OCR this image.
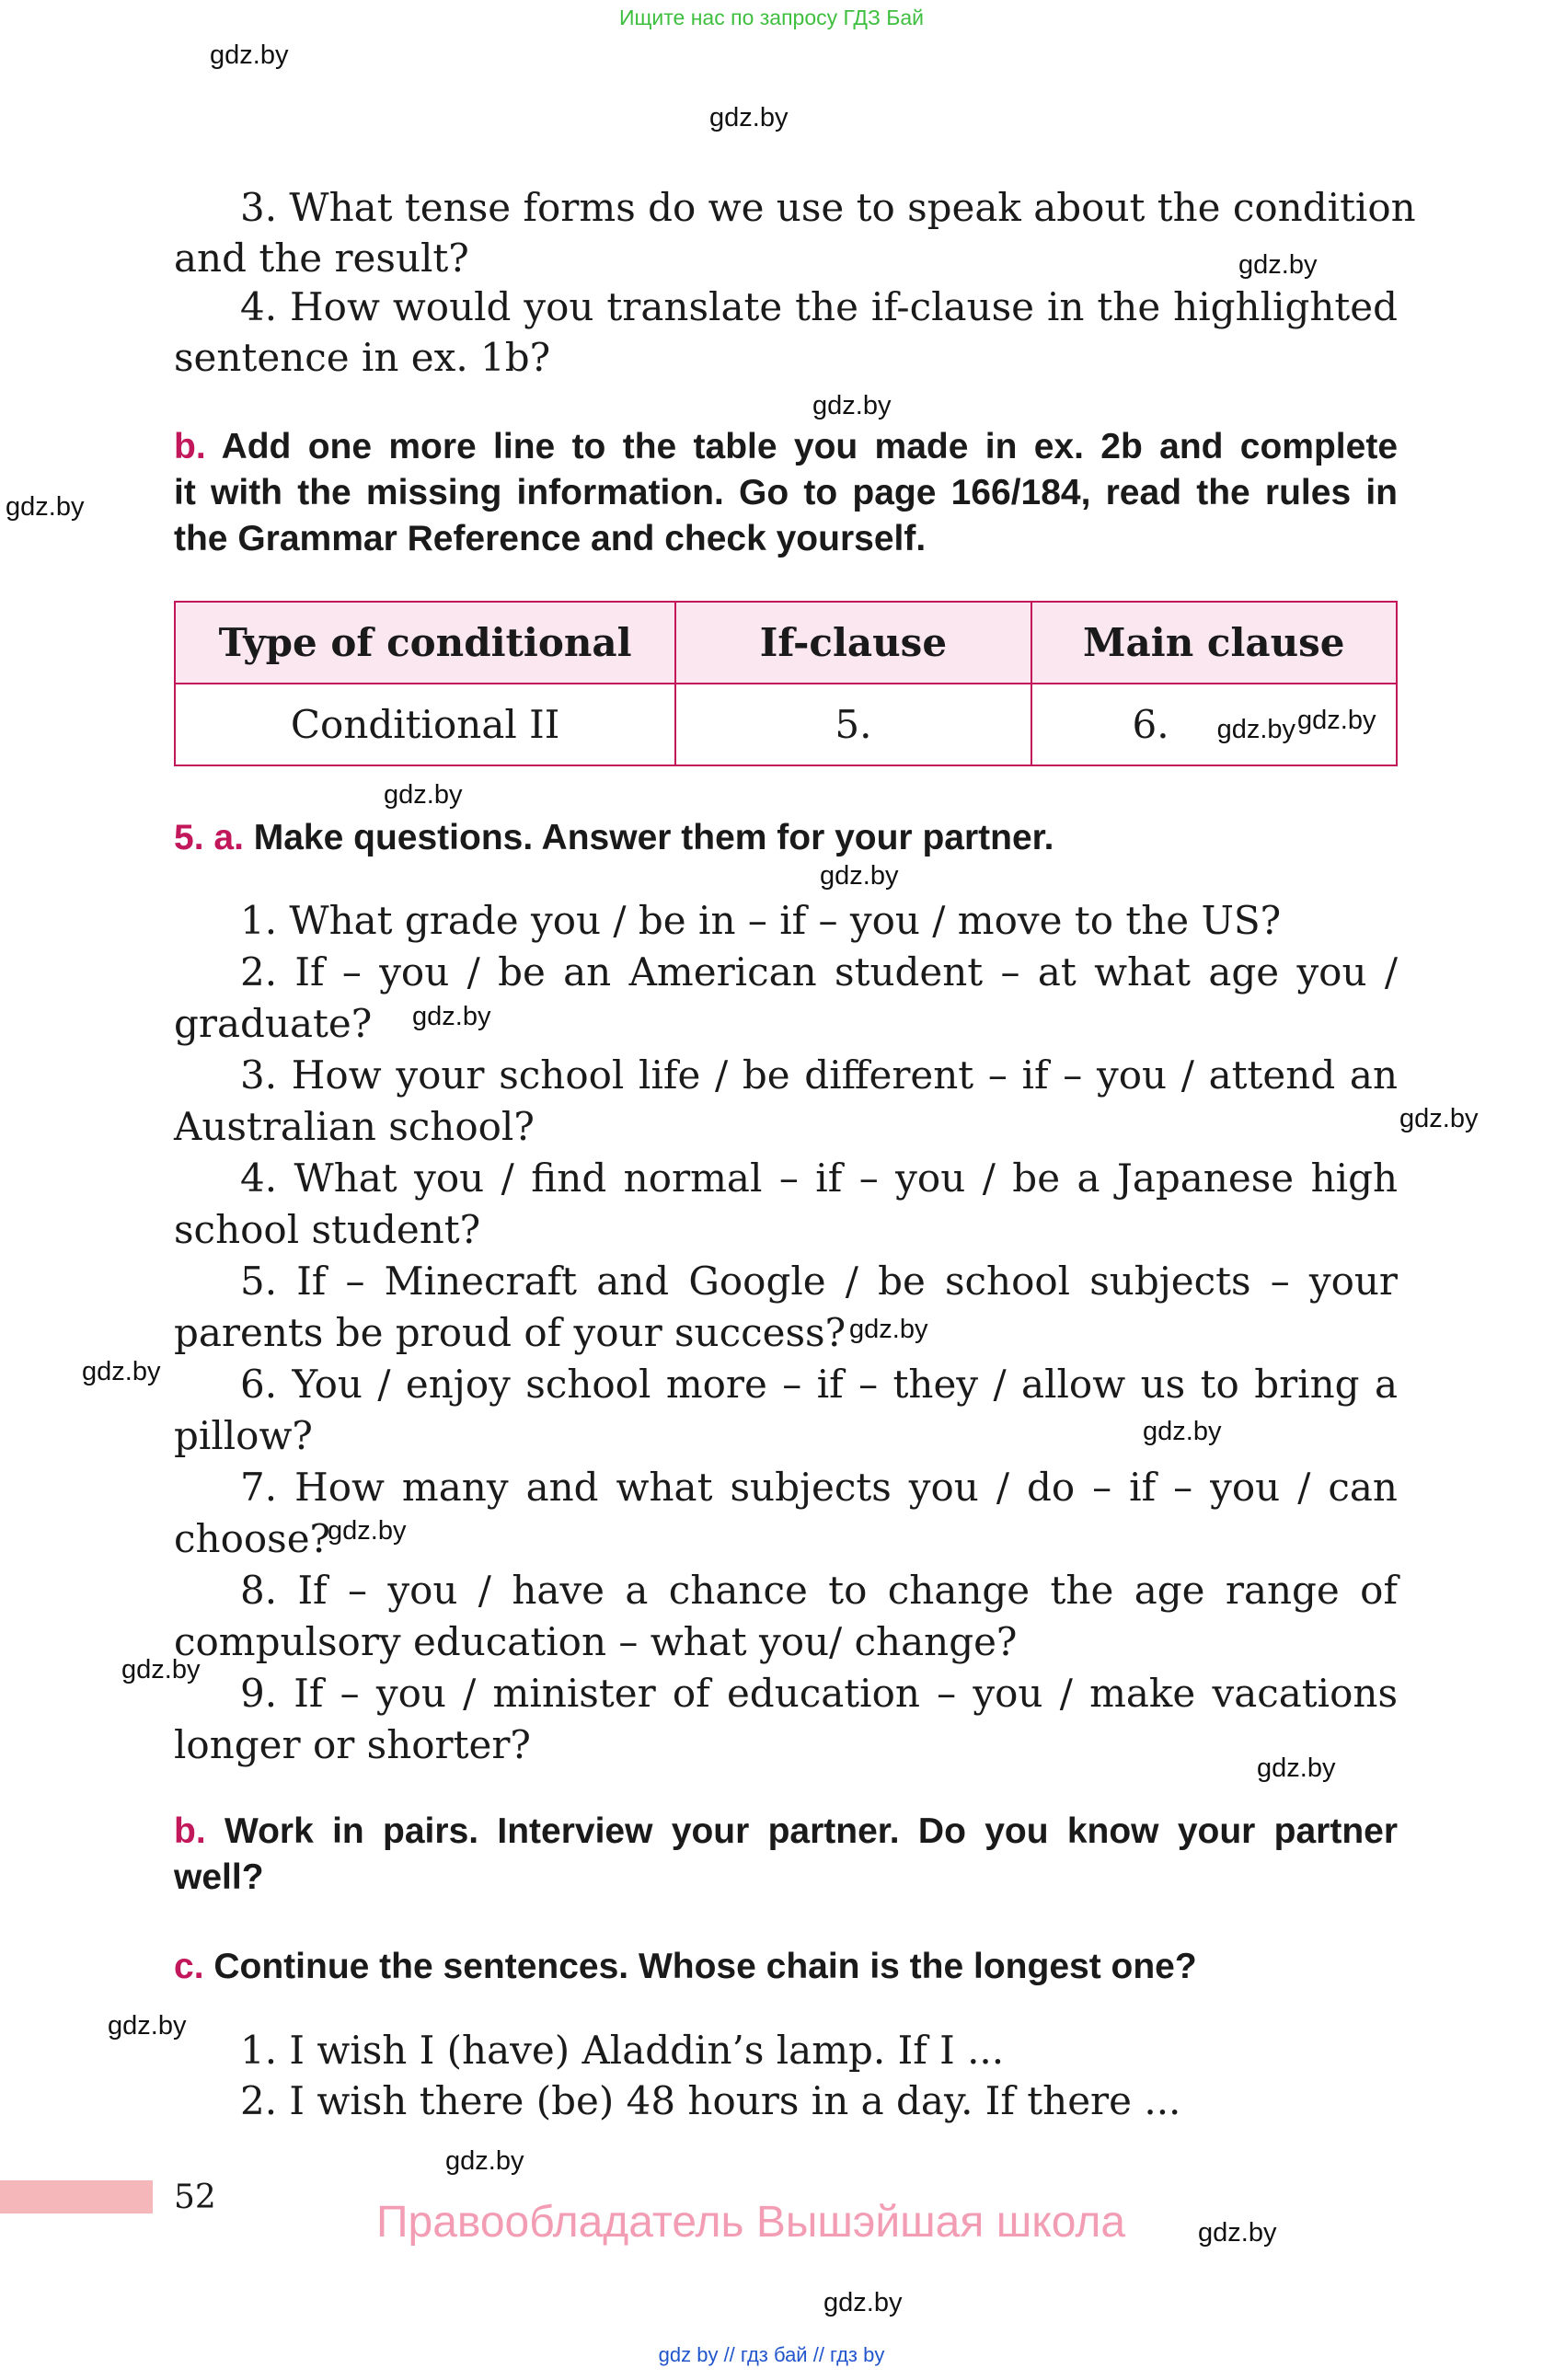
Ищите нас по запросу ГДЗ Бай
gdz.by
gdz.by
gdz.by
gdz.by
gdz.by
gdz.by
gdz.by
gdz.by
gdz.by
gdz.by
gdz.by
gdz.by
gdz.by
gdz.by
gdz.by
gdz.by
gdz.by
gdz.by
gdz.by
gdz.by
3. What tense forms do we use to speak about the condition
and the result?
4. How would you translate the if-clause in the highlighted
sentence in ex. 1b?
b. Add one more line to the table you made in ex. 2b and complete
it with the missing information. Go to page 166/184, read the rules in
the Grammar Reference and check yourself.
Type of conditional	If-clause	Main clause
Conditional II	5.	6. gdz.by
5. a. Make questions. Answer them for your partner.
1. What grade you / be in – if – you / move to the US?
2. If – you / be an American student – at what age you /
graduate?
3. How your school life / be different – if – you / attend an
Australian school?
4. What you / find normal – if – you / be a Japanese high
school student?
5. If – Minecraft and Google / be school subjects – your
parents be proud of your success?
6. You / enjoy school more – if – they / allow us to bring a
pillow?
7. How many and what subjects you / do – if – you / can
choose?
8. If – you / have a chance to change the age range of
compulsory education – what you/ change?
9. If – you / minister of education – you / make vacations
longer or shorter?
b. Work in pairs. Interview your partner. Do you know your partner
well?
c. Continue the sentences. Whose chain is the longest one?
1. I wish I (have) Aladdin’s lamp. If I ...
2. I wish there (be) 48 hours in a day. If there ...
52
Правообладатель Вышэйшая школа
gdz by // гдз бай // гдз by
